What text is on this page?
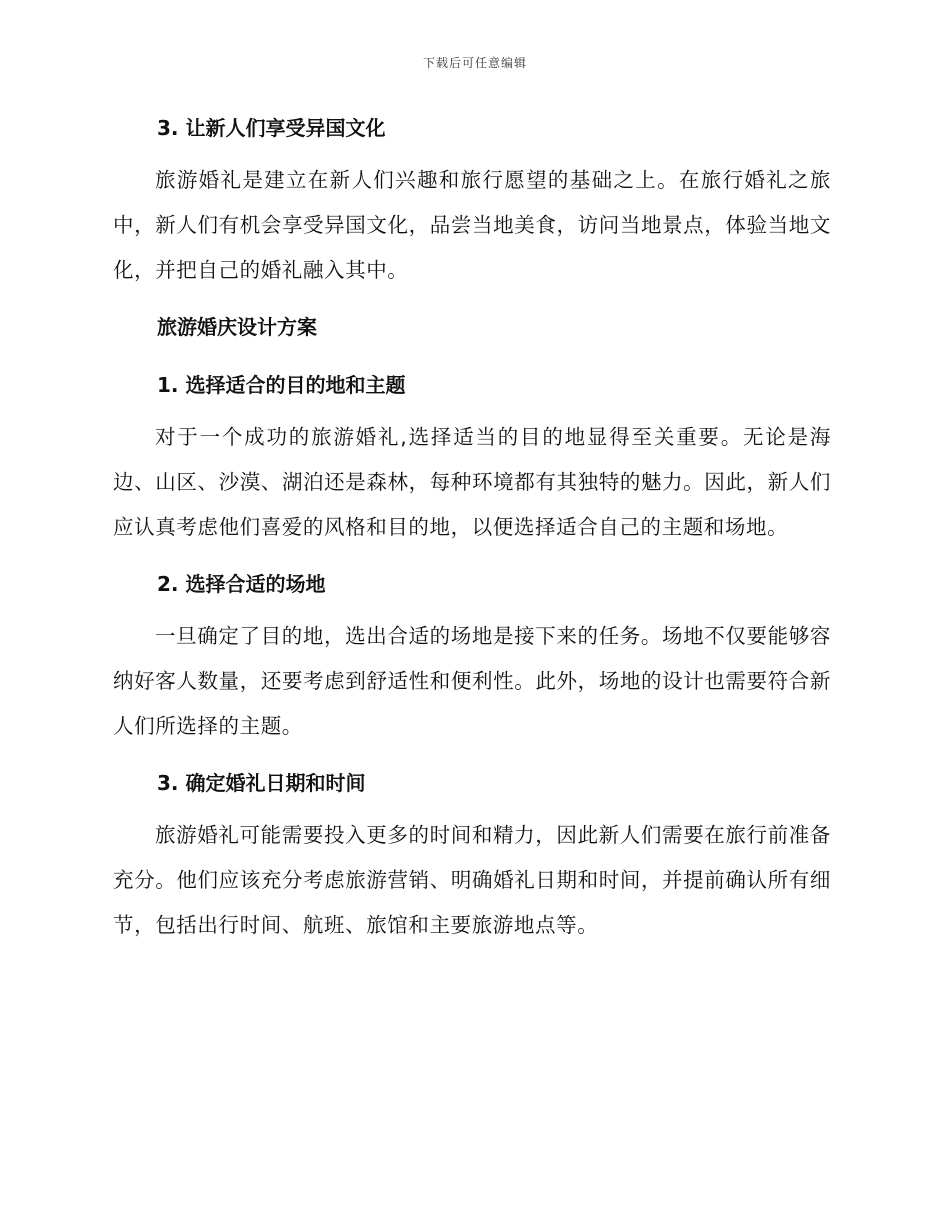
下载后可任意编辑
3. 让新人们享受异国文化

旅游婚礼是建立在新人们兴趣和旅行愿望的基础之上。在旅行婚礼之旅中，新人们有机会享受异国文化，品尝当地美食，访问当地景点，体验当地文化，并把自己的婚礼融入其中。

旅游婚庆设计方案
1. 选择适合的目的地和主题

对于一个成功的旅游婚礼,选择适当的目的地显得至关重要。无论是海边、山区、沙漠、湖泊还是森林，每种环境都有其独特的魅力。因此，新人们应认真考虑他们喜爱的风格和目的地，以便选择适合自己的主题和场地。

2. 选择合适的场地

一旦确定了目的地，选出合适的场地是接下来的任务。场地不仅要能够容纳好客人数量，还要考虑到舒适性和便利性。此外，场地的设计也需要符合新人们所选择的主题。

3. 确定婚礼日期和时间

旅游婚礼可能需要投入更多的时间和精力，因此新人们需要在旅行前准备充分。他们应该充分考虑旅游营销、明确婚礼日期和时间，并提前确认所有细节，包括出行时间、航班、旅馆和主要旅游地点等。
